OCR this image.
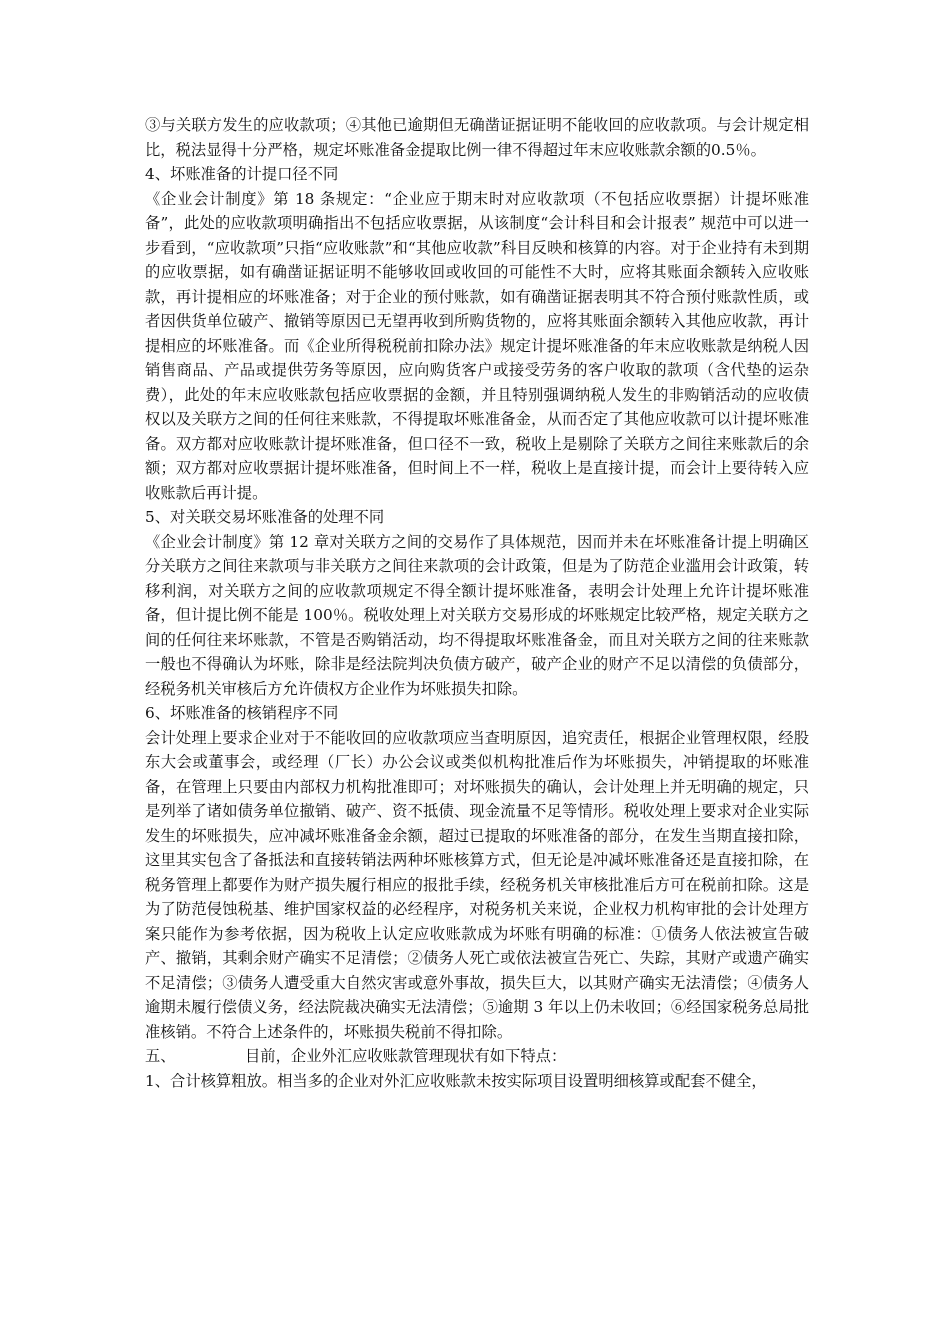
③与关联方发生的应收款项；④其他已逾期但无确凿证据证明不能收回的应收款项。与会计规定相比，税法显得十分严格，规定坏账准备金提取比例一律不得超过年末应收账款余额的0.5％。

4、坏账准备的计提口径不同

《企业会计制度》第 18 条规定：“企业应于期末时对应收款项（不包括应收票据）计提坏账准备”，此处的应收款项明确指出不包括应收票据，从该制度“会计科目和会计报表” 规范中可以进一步看到，“应收款项”只指“应收账款”和“其他应收款”科目反映和核算的内容。对于企业持有未到期的应收票据，如有确凿证据证明不能够收回或收回的可能性不大时，应将其账面余额转入应收账款，再计提相应的坏账准备；对于企业的预付账款，如有确凿证据表明其不符合预付账款性质，或者因供货单位破产、撤销等原因已无望再收到所购货物的，应将其账面余额转入其他应收款，再计提相应的坏账准备。而《企业所得税税前扣除办法》规定计提坏账准备的年末应收账款是纳税人因销售商品、产品或提供劳务等原因，应向购货客户或接受劳务的客户收取的款项（含代垫的运杂费），此处的年末应收账款包括应收票据的金额，并且特别强调纳税人发生的非购销活动的应收债权以及关联方之间的任何往来账款，不得提取坏账准备金，从而否定了其他应收款可以计提坏账准备。双方都对应收账款计提坏账准备，但口径不一致，税收上是剔除了关联方之间往来账款后的余额；双方都对应收票据计提坏账准备，但时间上不一样，税收上是直接计提，而会计上要待转入应收账款后再计提。

5、对关联交易坏账准备的处理不同

《企业会计制度》第 12 章对关联方之间的交易作了具体规范，因而并未在坏账准备计提上明确区分关联方之间往来款项与非关联方之间往来款项的会计政策，但是为了防范企业滥用会计政策，转移利润，对关联方之间的应收款项规定不得全额计提坏账准备，表明会计处理上允许计提坏账准备，但计提比例不能是 100％。税收处理上对关联方交易形成的坏账规定比较严格，规定关联方之间的任何往来坏账款，不管是否购销活动，均不得提取坏账准备金，而且对关联方之间的往来账款一般也不得确认为坏账，除非是经法院判决负债方破产，破产企业的财产不足以清偿的负债部分，经税务机关审核后方允许债权方企业作为坏账损失扣除。

6、坏账准备的核销程序不同

会计处理上要求企业对于不能收回的应收款项应当查明原因，追究责任，根据企业管理权限，经股东大会或董事会，或经理（厂长）办公会议或类似机构批准后作为坏账损失，冲销提取的坏账准备，在管理上只要由内部权力机构批准即可；对坏账损失的确认，会计处理上并无明确的规定，只是列举了诸如债务单位撤销、破产、资不抵债、现金流量不足等情形。税收处理上要求对企业实际发生的坏账损失，应冲减坏账准备金余额，超过已提取的坏账准备的部分，在发生当期直接扣除，这里其实包含了备抵法和直接转销法两种坏账核算方式，但无论是冲减坏账准备还是直接扣除，在税务管理上都要作为财产损失履行相应的报批手续，经税务机关审核批准后方可在税前扣除。这是为了防范侵蚀税基、维护国家权益的必经程序，对税务机关来说，企业权力机构审批的会计处理方案只能作为参考依据，因为税收上认定应收账款成为坏账有明确的标准：①债务人依法被宣告破产、撤销，其剩余财产确实不足清偿；②债务人死亡或依法被宣告死亡、失踪，其财产或遗产确实不足清偿；③债务人遭受重大自然灾害或意外事故，损失巨大，以其财产确实无法清偿；④债务人逾期未履行偿债义务，经法院裁决确实无法清偿；⑤逾期 3 年以上仍未收回；⑥经国家税务总局批准核销。不符合上述条件的，坏账损失税前不得扣除。

五、	目前，企业外汇应收账款管理现状有如下特点：

1、合计核算粗放。相当多的企业对外汇应收账款未按实际项目设置明细核算或配套不健全，
